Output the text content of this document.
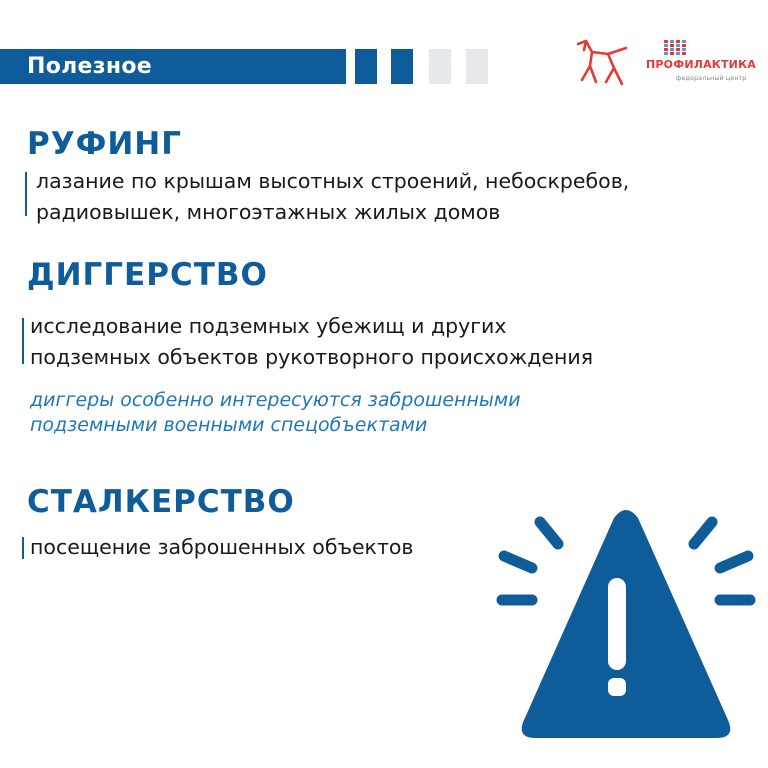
Полезное	ПРОФИЛАКТИКА
федеральный центр
РУФИНГ
лазание по крышам высотных строений, небоскребов,
радиовышек, многоэтажных жилых домов
ДИГГЕРСТВО
исследование подземных убежищ и других
подземных объектов рукотворного происхождения
диггеры особенно интересуются заброшенными
подземными военными спецобъектами
СТАЛКЕРСТВО
посещение заброшенных объектов
